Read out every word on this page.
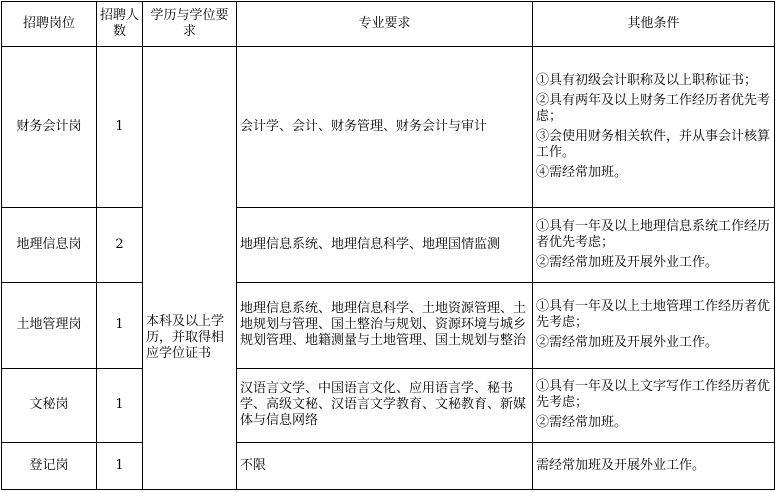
招聘岗位	招聘人数	学历与学位要求	专业要求	其他条件
财务会计岗	1	本科及以上学历，并取得相应学位证书	会计学、会计、财务管理、财务会计与审计	①具有初级会计职称及以上职称证书；
②具有两年及以上财务工作经历者优先考虑；
③会使用财务相关软件，并从事会计核算工作。
④需经常加班。

地理信息岗	2		地理信息系统、地理信息科学、地理国情监测	①具有一年及以上地理信息系统工作经历者优先考虑；
②需经常加班及开展外业工作。

土地管理岗	1		地理信息系统、地理信息科学、土地资源管理、土地规划与管理、国土整治与规划、资源环境与城乡规划管理、地籍测量与土地管理、国土规划与整治	①具有一年及以上土地管理工作经历者优先考虑；
②需经常加班及开展外业工作。

文秘岗	1		汉语言文学、中国语言文化、应用语言学、秘书学、高级文秘、汉语言文学教育、文秘教育、新媒体与信息网络	①具有一年及以上文字写作工作经历者优先考虑；
②需经常加班。

登记岗	1		不限	需经常加班及开展外业工作。
